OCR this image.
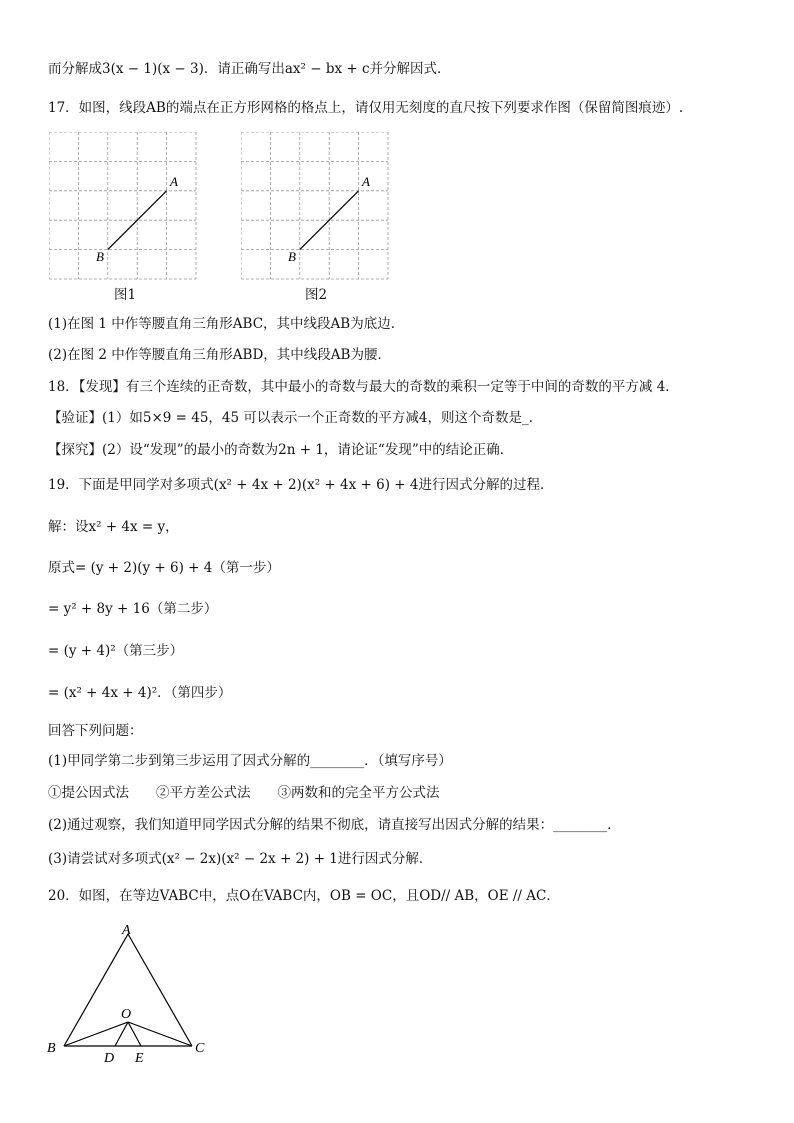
而分解成3(x − 1)(x − 3)．请正确写出ax² − bx + c并分解因式．
17．如图，线段AB的端点在正方形网格的格点上，请仅用无刻度的直尺按下列要求作图（保留简图痕迹）.
A
B
图1
A
B
图2
(1)在图 1 中作等腰直角三角形ABC，其中线段AB为底边．
(2)在图 2 中作等腰直角三角形ABD，其中线段AB为腰．
18．【发现】有三个连续的正奇数，其中最小的奇数与最大的奇数的乘积一定等于中间的奇数的平方减 4．
【验证】(1）如5×9 = 45，45 可以表示一个正奇数的平方减4，则这个奇数是_．
【探究】(2）设“发现”的最小的奇数为2n + 1，请论证“发现”中的结论正确．
19．下面是甲同学对多项式(x² + 4x + 2)(x² + 4x + 6) + 4进行因式分解的过程．
解：设x² + 4x = y，
原式= (y + 2)(y + 6) + 4（第一步）
= y² + 8y + 16（第二步）
= (y + 4)²（第三步）
= (x² + 4x + 4)²．（第四步）
回答下列问题：
(1)甲同学第二步到第三步运用了因式分解的________．（填写序号）
①提公因式法　　②平方差公式法　　③两数和的完全平方公式法
(2)通过观察，我们知道甲同学因式分解的结果不彻底，请直接写出因式分解的结果：________．
(3)请尝试对多项式(x² − 2x)(x² − 2x + 2) + 1进行因式分解．
20．如图，在等边VABC中，点O在VABC内，OB = OC，且OD// AB，OE // AC．
A
B	C
O
D E
